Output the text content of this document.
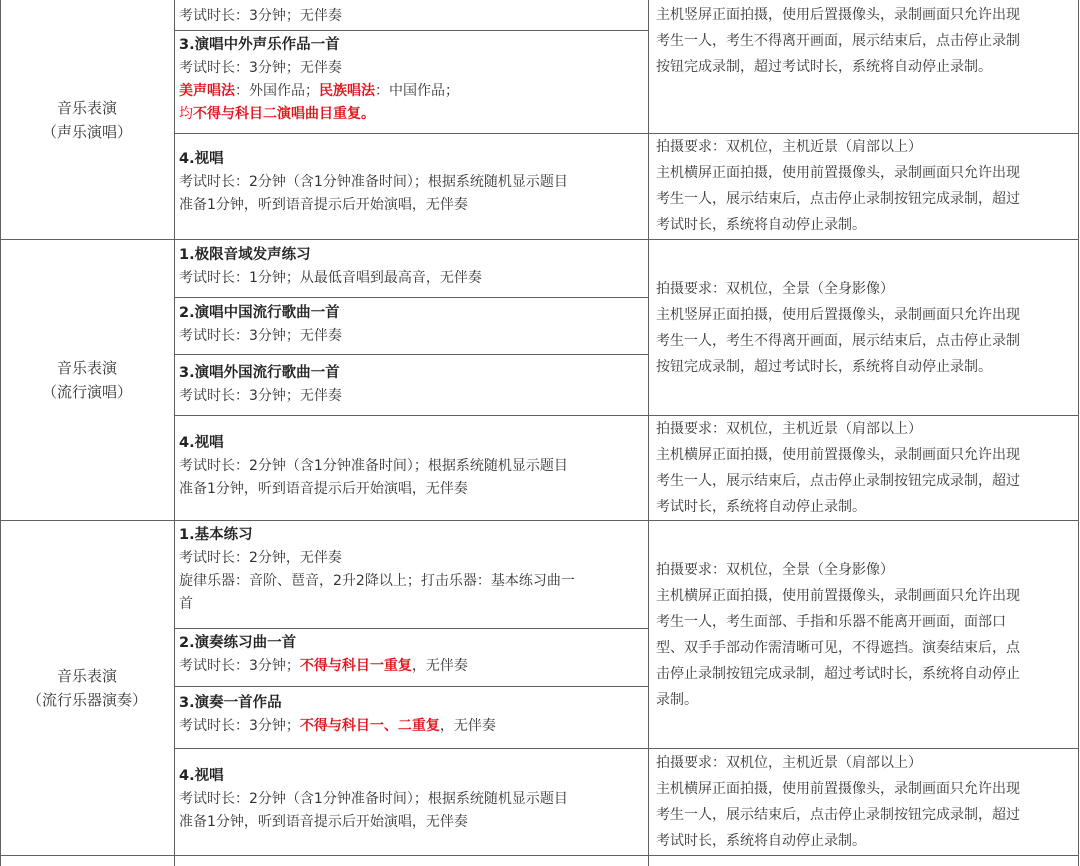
音乐表演
（声乐演唱）
考试时长：3分钟；无伴奏
3.演唱中外声乐作品一首
考试时长：3分钟；无伴奏
美声唱法：外国作品；民族唱法：中国作品；
均不得与科目二演唱曲目重复。
4.视唱
考试时长：2分钟（含1分钟准备时间）；根据系统随机显示题目
准备1分钟，听到语音提示后开始演唱，无伴奏
主机竖屏正面拍摄，使用后置摄像头，录制画面只允许出现
考生一人，考生不得离开画面，展示结束后，点击停止录制
按钮完成录制，超过考试时长，系统将自动停止录制。
拍摄要求：双机位，主机近景（肩部以上）
主机横屏正面拍摄，使用前置摄像头，录制画面只允许出现
考生一人，展示结束后，点击停止录制按钮完成录制，超过
考试时长，系统将自动停止录制。
音乐表演
（流行演唱）
1.极限音域发声练习
考试时长：1分钟；从最低音唱到最高音，无伴奏
2.演唱中国流行歌曲一首
考试时长：3分钟；无伴奏
3.演唱外国流行歌曲一首
考试时长：3分钟；无伴奏
4.视唱
考试时长：2分钟（含1分钟准备时间）；根据系统随机显示题目
准备1分钟，听到语音提示后开始演唱，无伴奏
拍摄要求：双机位，全景（全身影像）
主机竖屏正面拍摄，使用后置摄像头，录制画面只允许出现
考生一人，考生不得离开画面，展示结束后，点击停止录制
按钮完成录制，超过考试时长，系统将自动停止录制。
拍摄要求：双机位，主机近景（肩部以上）
主机横屏正面拍摄，使用前置摄像头，录制画面只允许出现
考生一人，展示结束后，点击停止录制按钮完成录制，超过
考试时长，系统将自动停止录制。
音乐表演
（流行乐器演奏）
1.基本练习
考试时长：2分钟，无伴奏
旋律乐器：音阶、琶音，2升2降以上；打击乐器：基本练习曲一
首
2.演奏练习曲一首
考试时长：3分钟；不得与科目一重复，无伴奏
3.演奏一首作品
考试时长：3分钟；不得与科目一、二重复，无伴奏
4.视唱
考试时长：2分钟（含1分钟准备时间）；根据系统随机显示题目
准备1分钟，听到语音提示后开始演唱，无伴奏
拍摄要求：双机位，全景（全身影像）
主机横屏正面拍摄，使用前置摄像头，录制画面只允许出现
考生一人，考生面部、手指和乐器不能离开画面，面部口
型、双手手部动作需清晰可见，不得遮挡。演奏结束后，点
击停止录制按钮完成录制，超过考试时长，系统将自动停止
录制。
拍摄要求：双机位，主机近景（肩部以上）
主机横屏正面拍摄，使用前置摄像头，录制画面只允许出现
考生一人，展示结束后，点击停止录制按钮完成录制，超过
考试时长，系统将自动停止录制。
